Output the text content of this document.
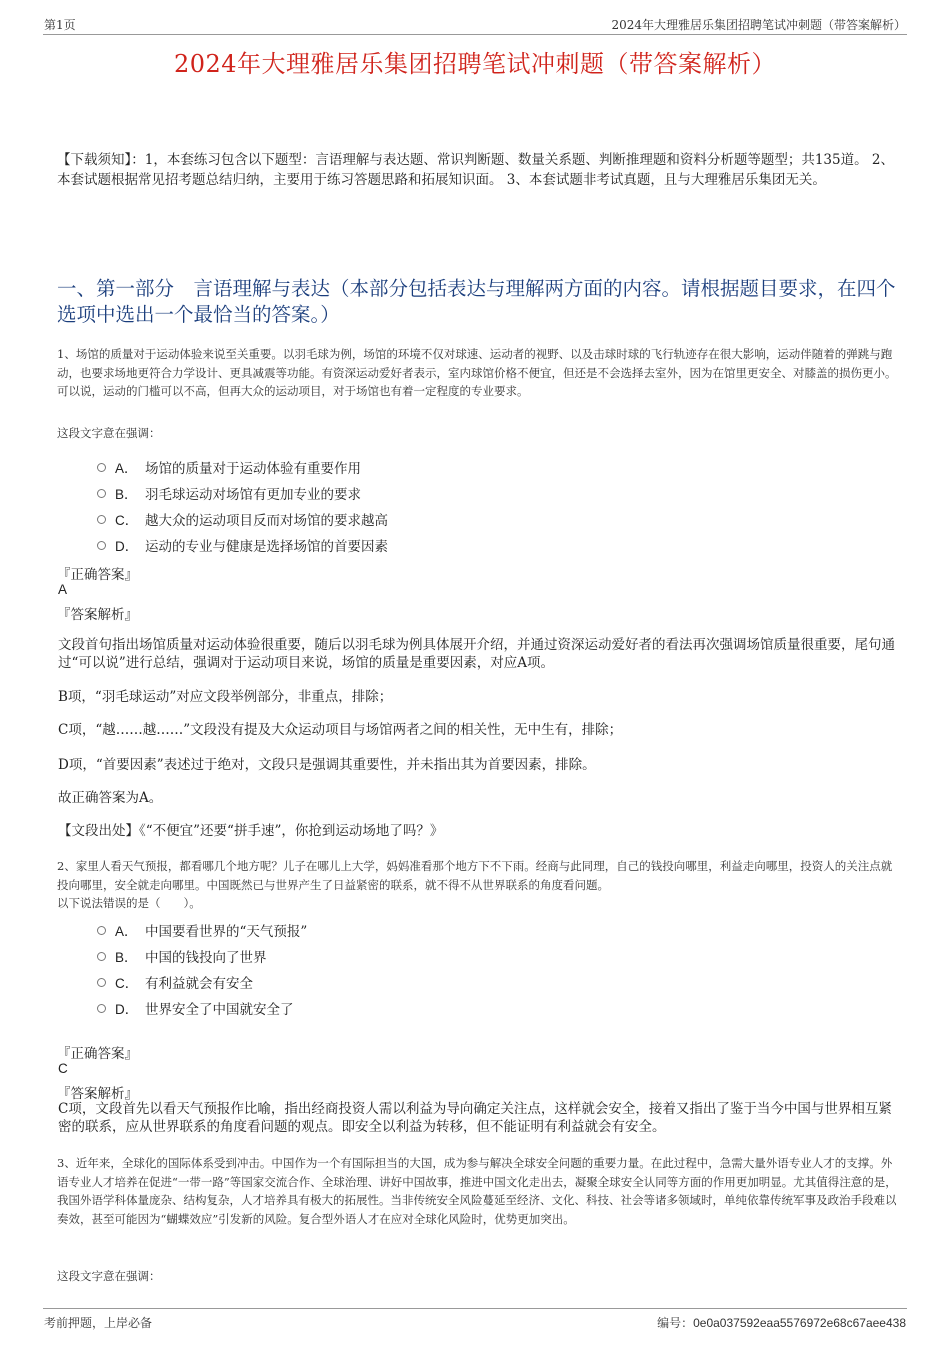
第1页	2024年大理雅居乐集团招聘笔试冲刺题（带答案解析）
2024年大理雅居乐集团招聘笔试冲刺题（带答案解析）
【下载须知】：1，本套练习包含以下题型：言语理解与表达题、常识判断题、数量关系题、判断推理题和资料分析题等题型；共135道。 2、本套试题根据常见招考题总结归纳，主要用于练习答题思路和拓展知识面。 3、本套试题非考试真题，且与大理雅居乐集团无关。
一、第一部分　言语理解与表达（本部分包括表达与理解两方面的内容。请根据题目要求，在四个选项中选出一个最恰当的答案。）
1、场馆的质量对于运动体验来说至关重要。以羽毛球为例，场馆的环境不仅对球速、运动者的视野、以及击球时球的飞行轨迹存在很大影响，运动伴随着的弹跳与跑动，也要求场地更符合力学设计、更具减震等功能。有资深运动爱好者表示，室内球馆价格不便宜，但还是不会选择去室外，因为在馆里更安全、对膝盖的损伤更小。可以说，运动的门槛可以不高，但再大众的运动项目，对于场馆也有着一定程度的专业要求。
这段文字意在强调：
A． 场馆的质量对于运动体验有重要作用
B． 羽毛球运动对场馆有更加专业的要求
C． 越大众的运动项目反而对场馆的要求越高
D． 运动的专业与健康是选择场馆的首要因素
『正确答案』
A
『答案解析』
文段首句指出场馆质量对运动体验很重要，随后以羽毛球为例具体展开介绍，并通过资深运动爱好者的看法再次强调场馆质量很重要，尾句通过“可以说”进行总结，强调对于运动项目来说，场馆的质量是重要因素，对应A项。
B项，“羽毛球运动”对应文段举例部分，非重点，排除；
C项，“越……越……”文段没有提及大众运动项目与场馆两者之间的相关性，无中生有，排除；
D项，“首要因素”表述过于绝对，文段只是强调其重要性，并未指出其为首要因素，排除。
故正确答案为A。
【文段出处】《“不便宜”还要“拼手速”，你抢到运动场地了吗？》
2、家里人看天气预报，都看哪几个地方呢？儿子在哪儿上大学，妈妈准看那个地方下不下雨。经商与此同理，自己的钱投向哪里，利益走向哪里，投资人的关注点就投向哪里，安全就走向哪里。中国既然已与世界产生了日益紧密的联系，就不得不从世界联系的角度看问题。
以下说法错误的是（　　）。
A． 中国要看世界的“天气预报”
B． 中国的钱投向了世界
C． 有利益就会有安全
D． 世界安全了中国就安全了
『正确答案』
C
『答案解析』
C项，文段首先以看天气预报作比喻，指出经商投资人需以利益为导向确定关注点，这样就会安全，接着又指出了鉴于当今中国与世界相互紧密的联系，应从世界联系的角度看问题的观点。即安全以利益为转移，但不能证明有利益就会有安全。
3、近年来，全球化的国际体系受到冲击。中国作为一个有国际担当的大国，成为参与解决全球安全问题的重要力量。在此过程中，急需大量外语专业人才的支撑。外语专业人才培养在促进“一带一路”等国家交流合作、全球治理、讲好中国故事，推进中国文化走出去，凝聚全球安全认同等方面的作用更加明显。尤其值得注意的是，我国外语学科体量庞杂、结构复杂，人才培养具有极大的拓展性。当非传统安全风险蔓延至经济、文化、科技、社会等诸多领域时，单纯依靠传统军事及政治手段难以奏效，甚至可能因为“蝴蝶效应”引发新的风险。复合型外语人才在应对全球化风险时，优势更加突出。
这段文字意在强调：
考前押题，上岸必备	编号：0e0a037592eaa5576972e68c67aee438
